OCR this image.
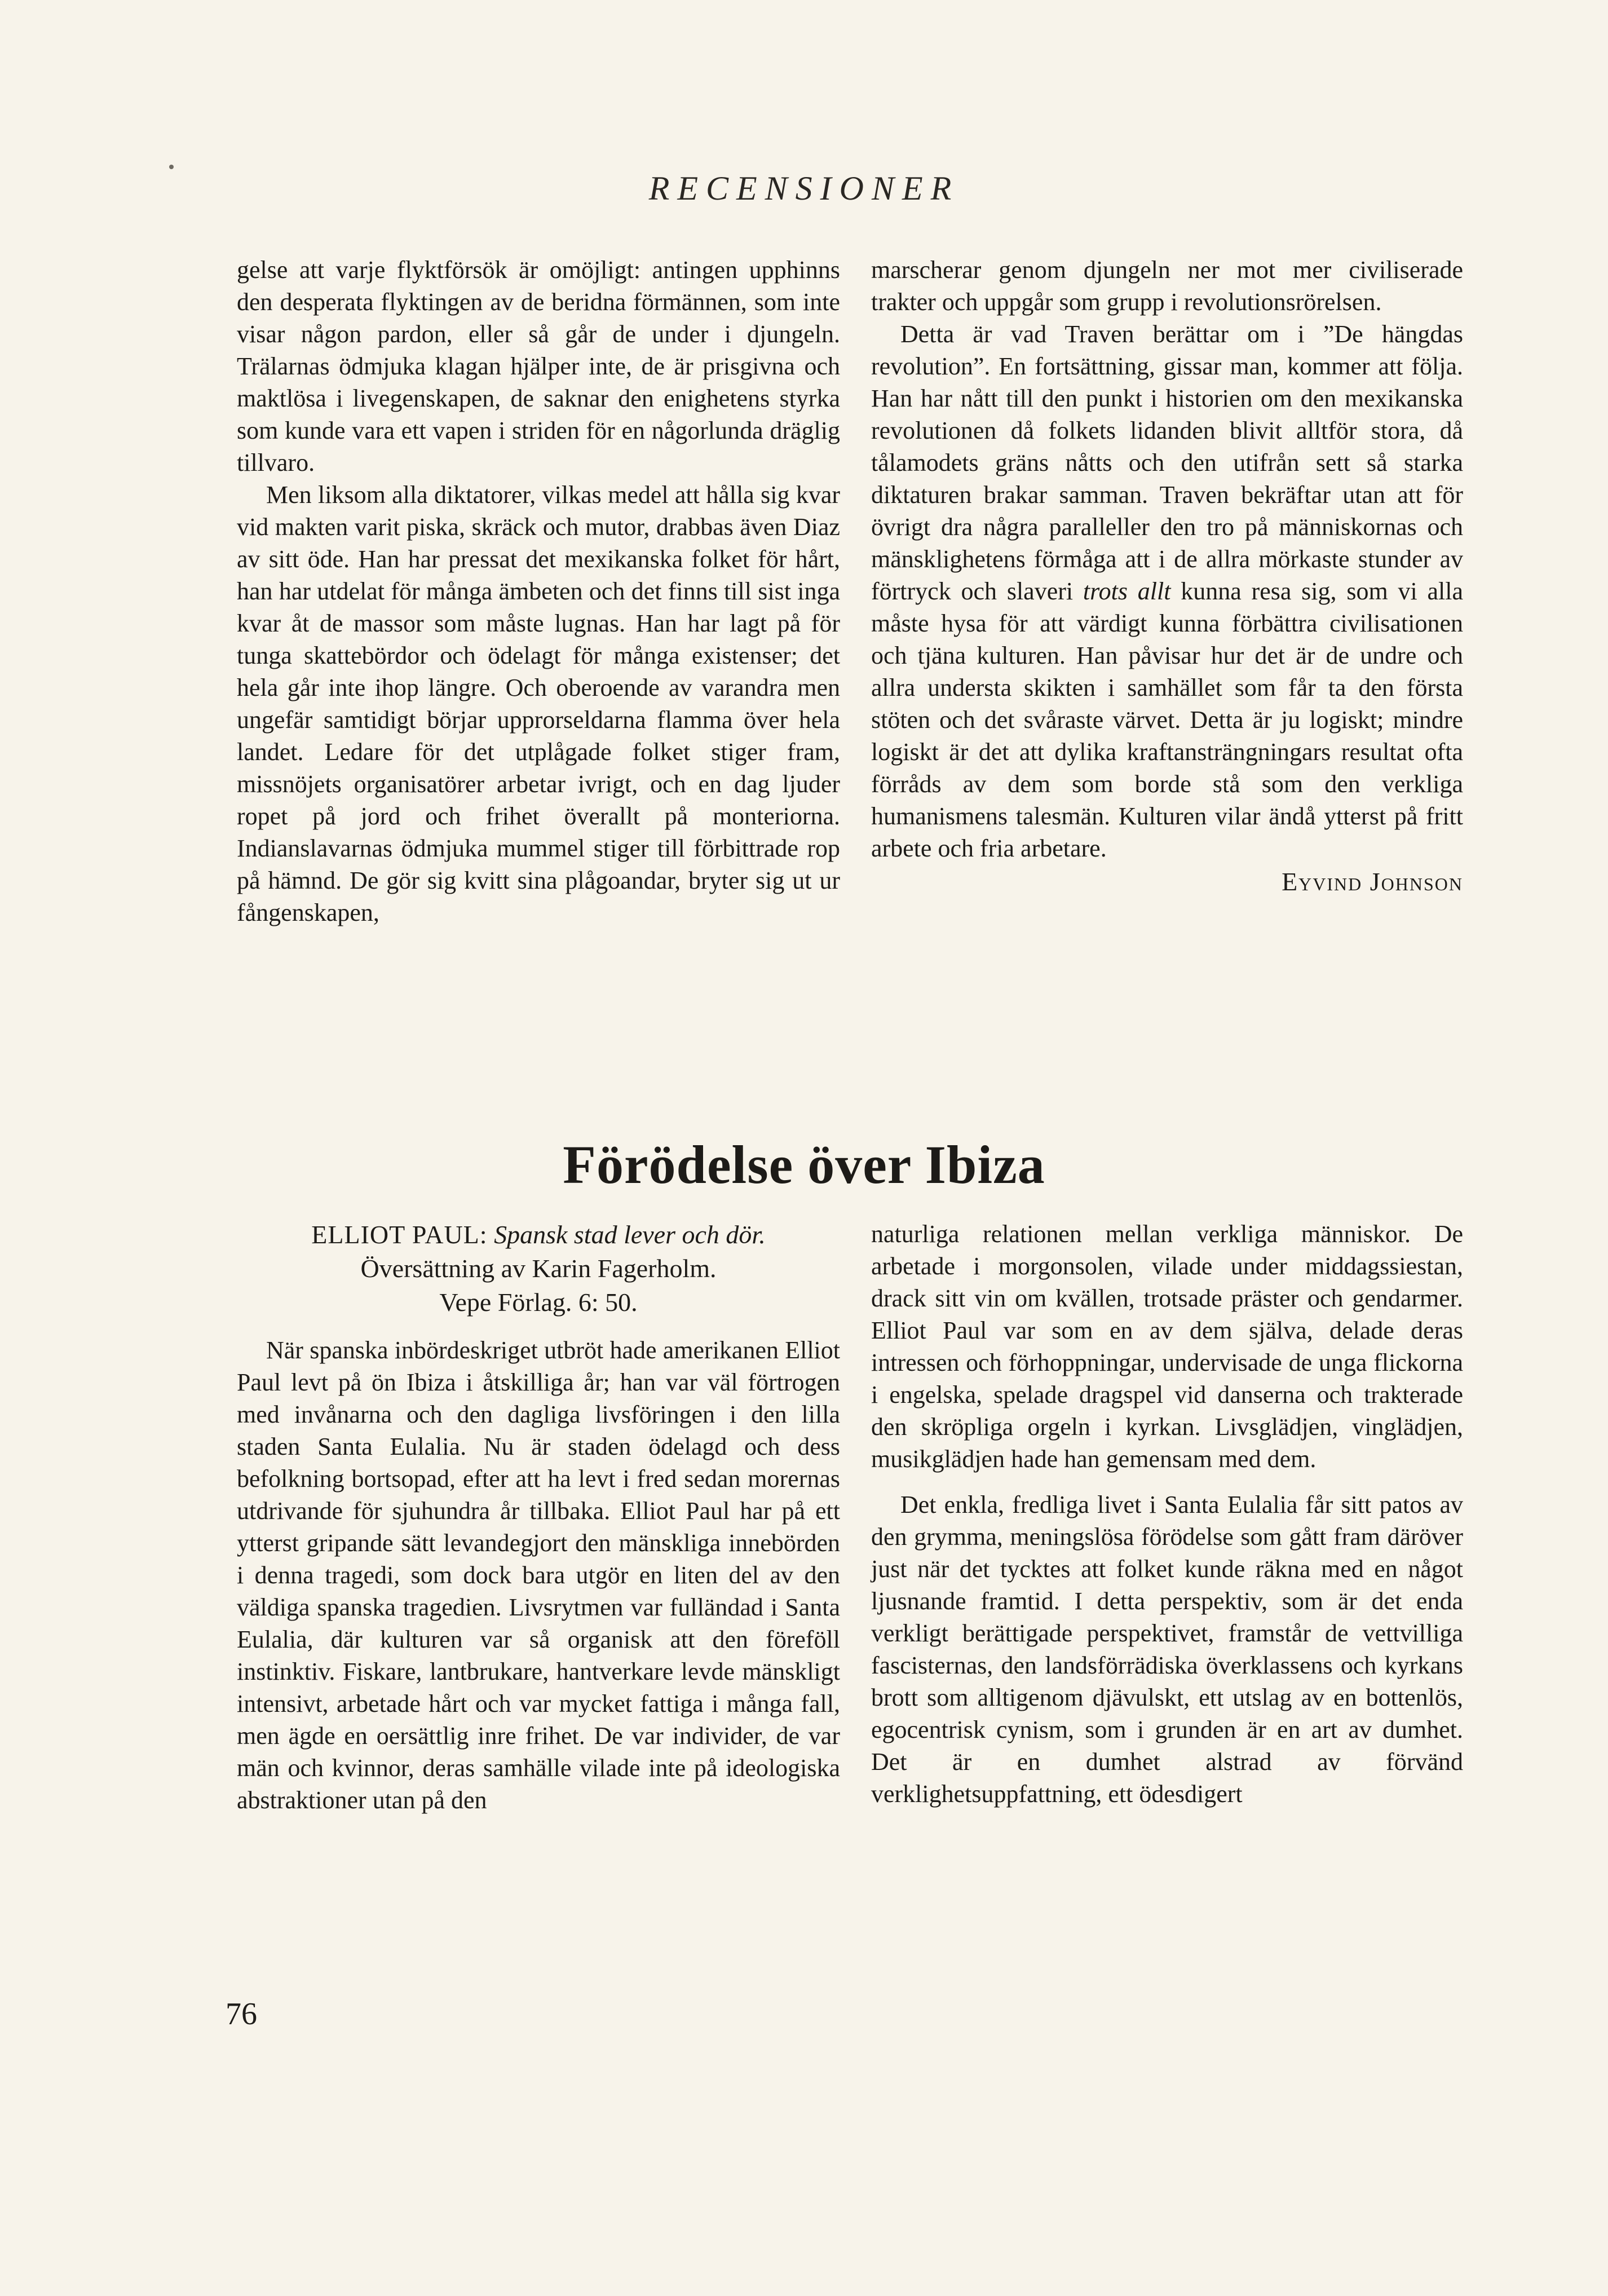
RECENSIONER

gelse att varje flyktförsök är omöjligt: antingen upphinns den desperata flyktingen av de beridna förmännen, som inte visar någon pardon, eller så går de under i djungeln. Trälarnas ödmjuka klagan hjälper inte, de är prisgivna och maktlösa i livegenskapen, de saknar den enighetens styrka som kunde vara ett vapen i striden för en någorlunda dräglig tillvaro.

Men liksom alla diktatorer, vilkas medel att hålla sig kvar vid makten varit piska, skräck och mutor, drabbas även Diaz av sitt öde. Han har pressat det mexikanska folket för hårt, han har utdelat för många ämbeten och det finns till sist inga kvar åt de massor som måste lugnas. Han har lagt på för tunga skattebördor och ödelagt för många existenser; det hela går inte ihop längre. Och oberoende av varandra men ungefär samtidigt börjar upprorseldarna flamma över hela landet. Ledare för det utplågade folket stiger fram, missnöjets organisatörer arbetar ivrigt, och en dag ljuder ropet på jord och frihet överallt på monteriorna. Indianslavarnas ödmjuka mummel stiger till förbittrade rop på hämnd. De gör sig kvitt sina plågoandar, bryter sig ut ur fångenskapen,

marscherar genom djungeln ner mot mer civiliserade trakter och uppgår som grupp i revolutionsrörelsen.

Detta är vad Traven berättar om i ”De hängdas revolution”. En fortsättning, gissar man, kommer att följa. Han har nått till den punkt i historien om den mexikanska revolutionen då folkets lidanden blivit alltför stora, då tålamodets gräns nåtts och den utifrån sett så starka diktaturen brakar samman. Traven bekräftar utan att för övrigt dra några paralleller den tro på människornas och mänsklighetens förmåga att i de allra mörkaste stunder av förtryck och slaveri trots allt kunna resa sig, som vi alla måste hysa för att värdigt kunna förbättra civilisationen och tjäna kulturen. Han påvisar hur det är de undre och allra understa skikten i samhället som får ta den första stöten och det svåraste värvet. Detta är ju logiskt; mindre logiskt är det att dylika kraftansträngningars resultat ofta förråds av dem som borde stå som den verkliga humanismens talesmän. Kulturen vilar ändå ytterst på fritt arbete och fria arbetare.

Eyvind Johnson
Förödelse över Ibiza
ELLIOT PAUL: Spansk stad lever och dör.
Översättning av Karin Fagerholm.
Vepe Förlag. 6: 50.

När spanska inbördeskriget utbröt hade amerikanen Elliot Paul levt på ön Ibiza i åtskilliga år; han var väl förtrogen med invånarna och den dagliga livsföringen i den lilla staden Santa Eulalia. Nu är staden ödelagd och dess befolkning bortsopad, efter att ha levt i fred sedan morernas utdrivande för sjuhundra år tillbaka. Elliot Paul har på ett ytterst gripande sätt levandegjort den mänskliga innebörden i denna tragedi, som dock bara utgör en liten del av den väldiga spanska tragedien. Livsrytmen var fulländad i Santa Eulalia, där kulturen var så organisk att den föreföll instinktiv. Fiskare, lantbrukare, hantverkare levde mänskligt intensivt, arbetade hårt och var mycket fattiga i många fall, men ägde en oersättlig inre frihet. De var individer, de var män och kvinnor, deras samhälle vilade inte på ideologiska abstraktioner utan på den

naturliga relationen mellan verkliga människor. De arbetade i morgonsolen, vilade under middagssiestan, drack sitt vin om kvällen, trotsade präster och gendarmer. Elliot Paul var som en av dem själva, delade deras intressen och förhoppningar, undervisade de unga flickorna i engelska, spelade dragspel vid danserna och trakterade den skröpliga orgeln i kyrkan. Livsglädjen, vinglädjen, musikglädjen hade han gemensam med dem.

Det enkla, fredliga livet i Santa Eulalia får sitt patos av den grymma, meningslösa förödelse som gått fram däröver just när det tycktes att folket kunde räkna med en något ljusnande framtid. I detta perspektiv, som är det enda verkligt berättigade perspektivet, framstår de vettvilliga fascisternas, den landsförrädiska överklassens och kyrkans brott som alltigenom djävulskt, ett utslag av en bottenlös, egocentrisk cynism, som i grunden är en art av dumhet. Det är en dumhet alstrad av förvänd verklighetsuppfattning, ett ödesdigert

76
